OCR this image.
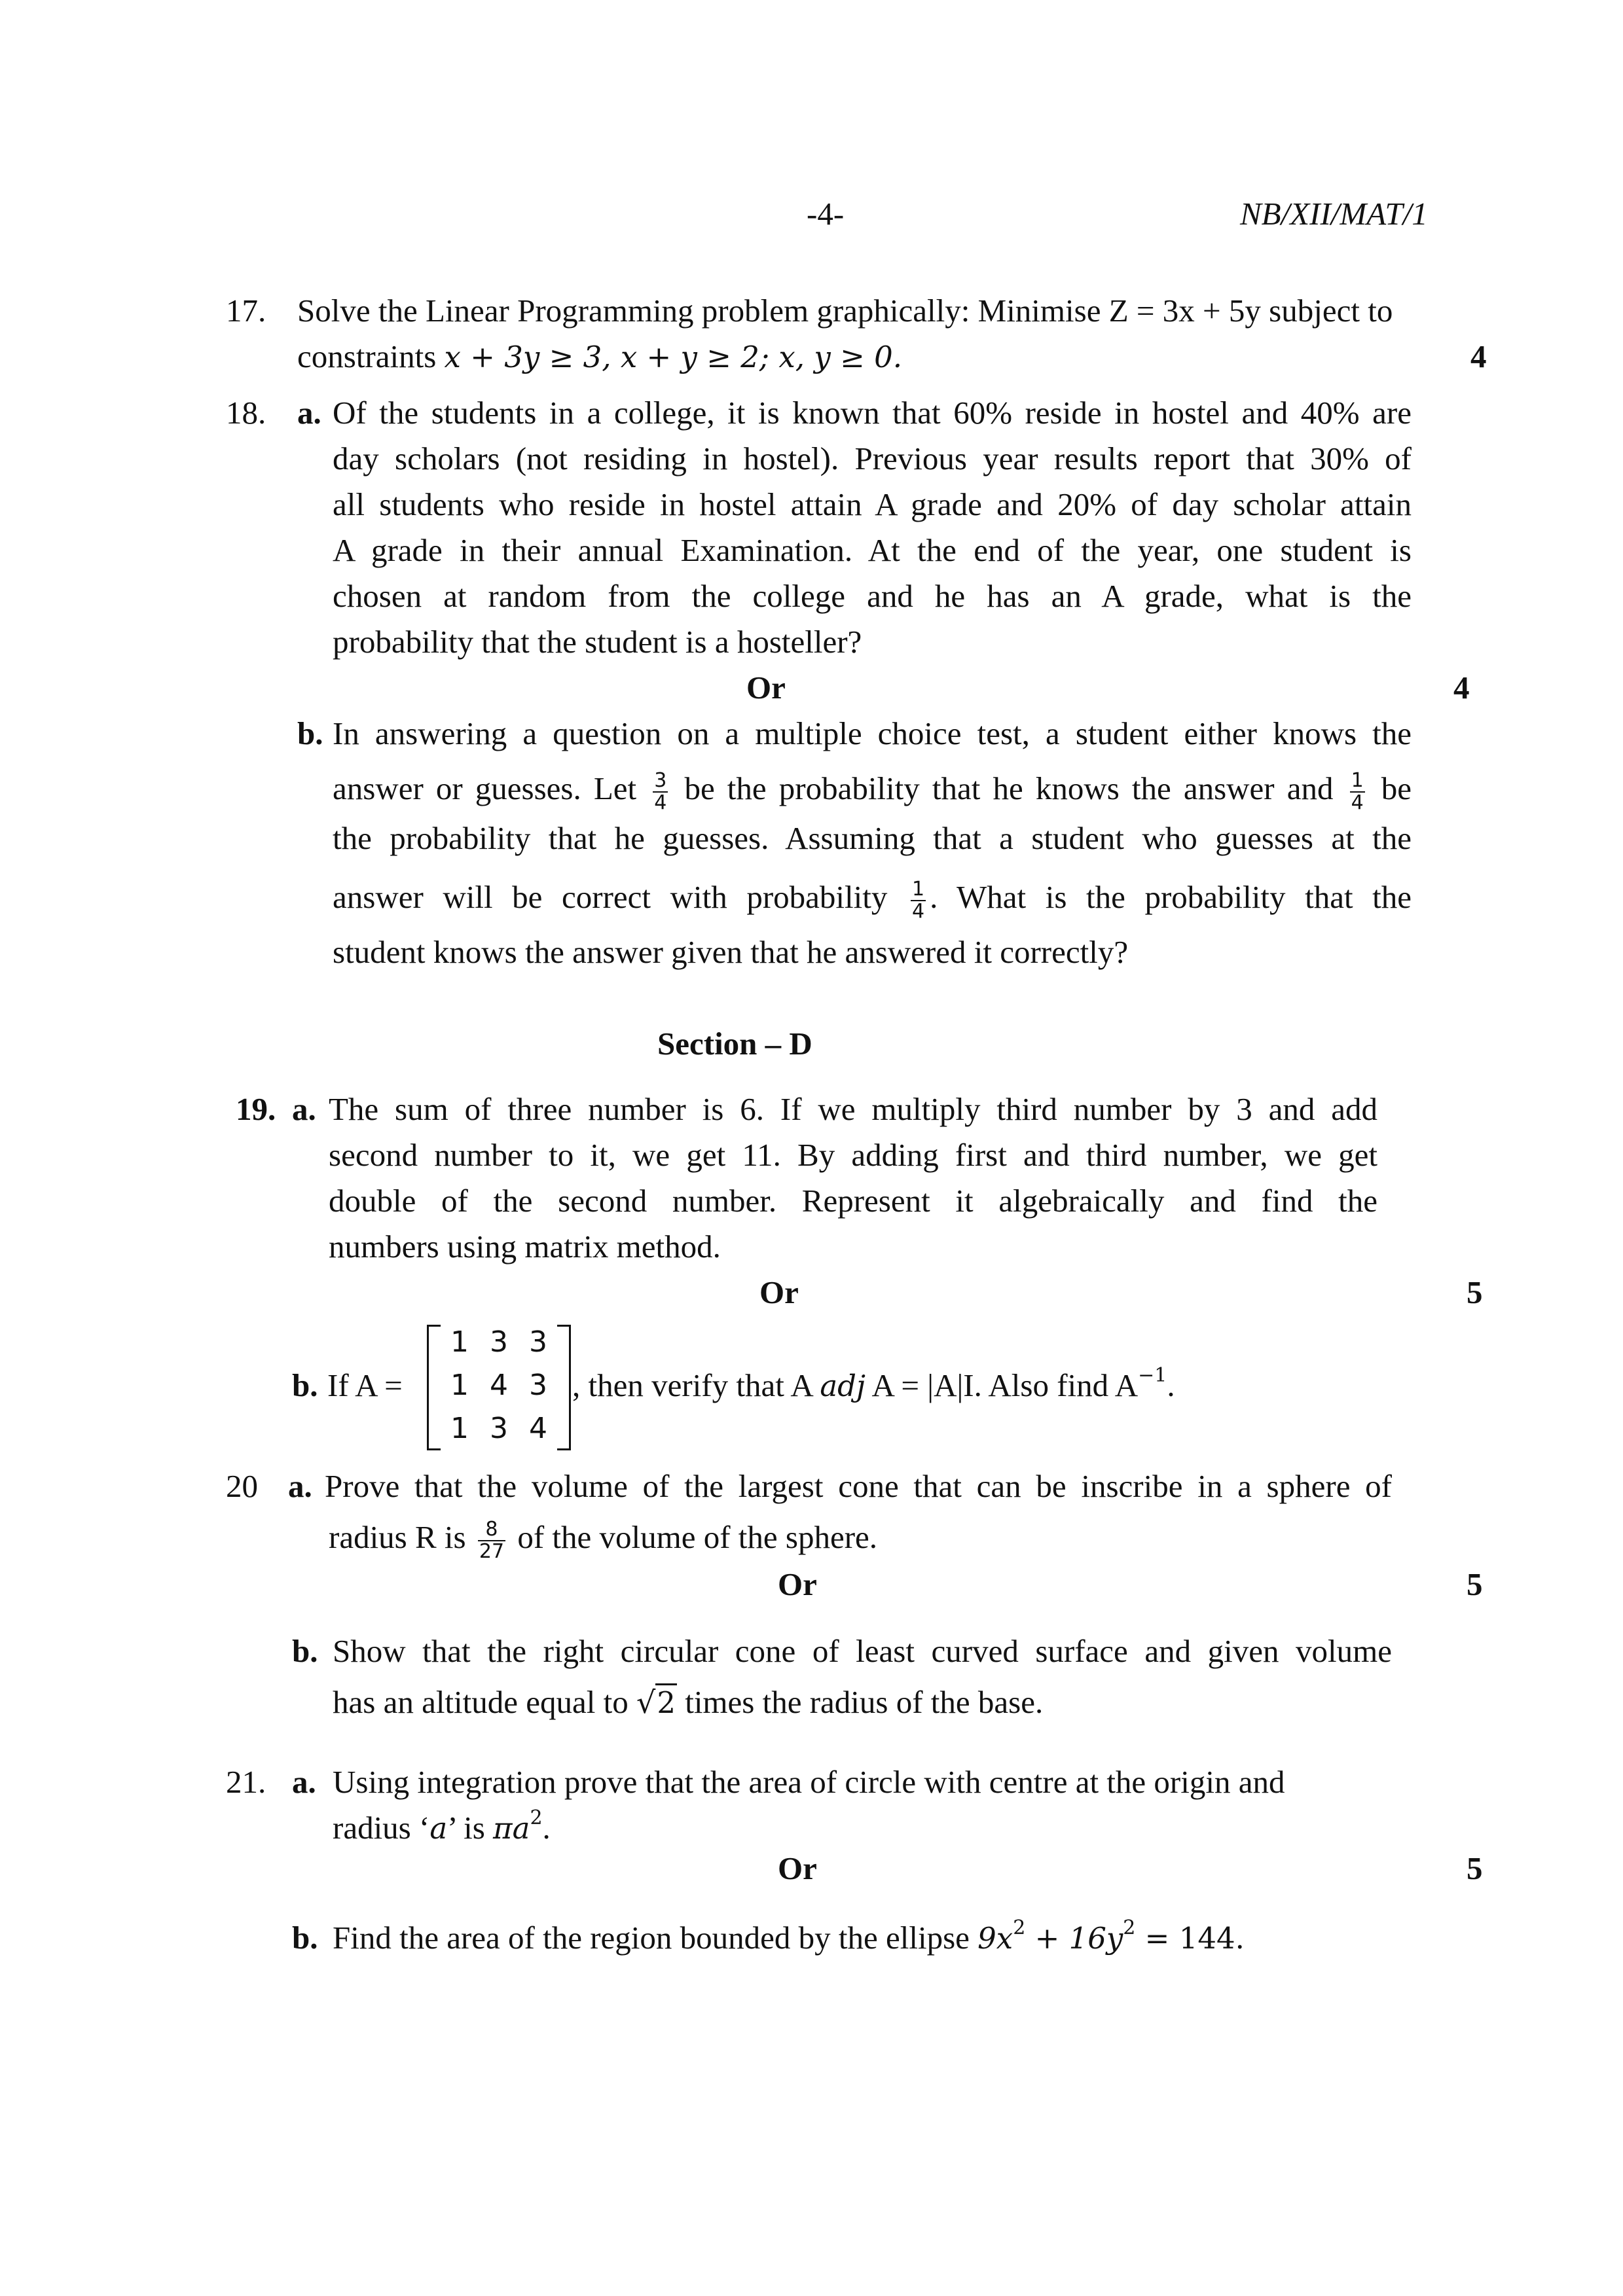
-4-	NB/XII/MAT/1
17. Solve the Linear Programming problem graphically: Minimise Z = 3x + 5y subject to
constraints x + 3y ≥ 3, x + y ≥ 2; x, y ≥ 0.	4
18. a. Of the students in a college, it is known that 60% reside in hostel and 40% are
day scholars (not residing in hostel). Previous year results report that 30% of
all students who reside in hostel attain A grade and 20% of day scholar attain
A grade in their annual Examination. At the end of the year, one student is
chosen at random from the college and he has an A grade, what is the
probability that the student is a hosteller?
Or	4
b. In answering a question on a multiple choice test, a student either knows the
answer or guesses. Let $\frac{3}{4}$ be the probability that he knows the answer and $\frac{1}{4}$ be
the probability that he guesses. Assuming that a student who guesses at the
answer will be correct with probability $\frac{1}{4}$ . What is the probability that the
student knows the answer given that he answered it correctly?
Section – D
19. a. The sum of three number is 6. If we multiply third number by 3 and add
second number to it, we get 11. By adding first and third number, we get
double of the second number. Represent it algebraically and find the
numbers using matrix method.
Or	5
b. If A =
1	3	3
1	4	3
1	3	4
, then verify that A adj A = |A|I. Also find $A^{-1}$.
20 a. Prove that the volume of the largest cone that can be inscribe in a sphere of
radius R is $\frac{8}{27}$ of the volume of the sphere.
Or	5
b. Show that the right circular cone of least curved surface and given volume
has an altitude equal to √2 times the radius of the base.
21. a. Using integration prove that the area of circle with centre at the origin and
radius ‘a’ is $\pi a^2$.
Or	5
b. Find the area of the region bounded by the ellipse $9x^2 + 16y^2 = 144$.
